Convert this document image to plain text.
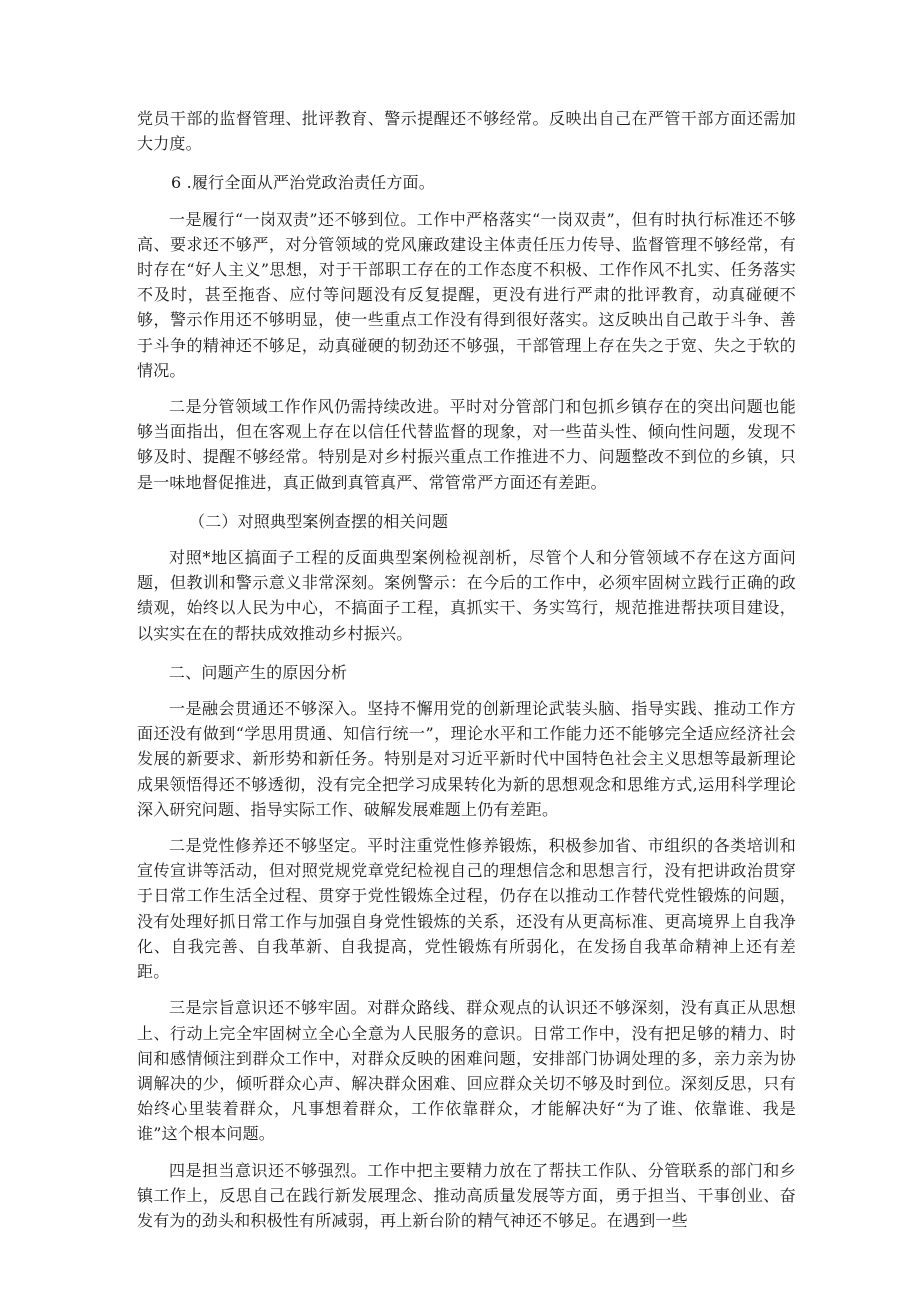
党员干部的监督管理、批评教育、警示提醒还不够经常。反映出自己在严管干部方面还需加大力度。

6 .履行全面从严治党政治责任方面。

一是履行“一岗双责”还不够到位。工作中严格落实“一岗双责”，但有时执行标准还不够高、要求还不够严，对分管领域的党风廉政建设主体责任压力传导、监督管理不够经常，有时存在“好人主义”思想，对于干部职工存在的工作态度不积极、工作作风不扎实、任务落实不及时，甚至拖沓、应付等问题没有反复提醒，更没有进行严肃的批评教育，动真碰硬不够，警示作用还不够明显，使一些重点工作没有得到很好落实。这反映出自己敢于斗争、善于斗争的精神还不够足，动真碰硬的韧劲还不够强，干部管理上存在失之于宽、失之于软的情况。

二是分管领域工作作风仍需持续改进。平时对分管部门和包抓乡镇存在的突出问题也能够当面指出，但在客观上存在以信任代替监督的现象，对一些苗头性、倾向性问题，发现不够及时、提醒不够经常。特别是对乡村振兴重点工作推进不力、问题整改不到位的乡镇，只是一味地督促推进，真正做到真管真严、常管常严方面还有差距。

（二）对照典型案例查摆的相关问题

对照*地区搞面子工程的反面典型案例检视剖析，尽管个人和分管领域不存在这方面问题，但教训和警示意义非常深刻。案例警示：在今后的工作中，必须牢固树立践行正确的政绩观，始终以人民为中心，不搞面子工程，真抓实干、务实笃行，规范推进帮扶项目建设，以实实在在的帮扶成效推动乡村振兴。

二、问题产生的原因分析

一是融会贯通还不够深入。坚持不懈用党的创新理论武装头脑、指导实践、推动工作方面还没有做到“学思用贯通、知信行统一”，理论水平和工作能力还不能够完全适应经济社会发展的新要求、新形势和新任务。特别是对习近平新时代中国特色社会主义思想等最新理论成果领悟得还不够透彻，没有完全把学习成果转化为新的思想观念和思维方式,运用科学理论深入研究问题、指导实际工作、破解发展难题上仍有差距。

二是党性修养还不够坚定。平时注重党性修养锻炼，积极参加省、市组织的各类培训和宣传宣讲等活动，但对照党规党章党纪检视自己的理想信念和思想言行，没有把讲政治贯穿于日常工作生活全过程、贯穿于党性锻炼全过程，仍存在以推动工作替代党性锻炼的问题，没有处理好抓日常工作与加强自身党性锻炼的关系，还没有从更高标准、更高境界上自我净化、自我完善、自我革新、自我提高，党性锻炼有所弱化，在发扬自我革命精神上还有差距。

三是宗旨意识还不够牢固。对群众路线、群众观点的认识还不够深刻，没有真正从思想上、行动上完全牢固树立全心全意为人民服务的意识。日常工作中，没有把足够的精力、时间和感情倾注到群众工作中，对群众反映的困难问题，安排部门协调处理的多，亲力亲为协调解决的少，倾听群众心声、解决群众困难、回应群众关切不够及时到位。深刻反思，只有始终心里装着群众，凡事想着群众，工作依靠群众，才能解决好“为了谁、依靠谁、我是谁”这个根本问题。

四是担当意识还不够强烈。工作中把主要精力放在了帮扶工作队、分管联系的部门和乡镇工作上，反思自己在践行新发展理念、推动高质量发展等方面，勇于担当、干事创业、奋发有为的劲头和积极性有所减弱，再上新台阶的精气神还不够足。在遇到一些
